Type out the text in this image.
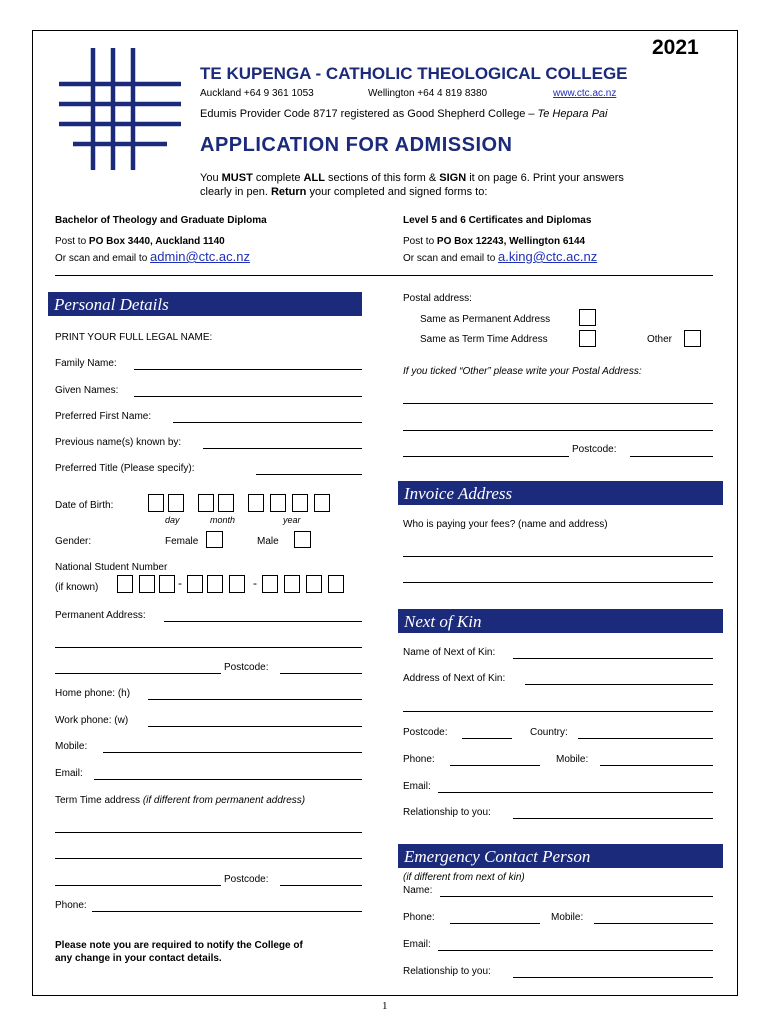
2021
TE KUPENGA - CATHOLIC THEOLOGICAL COLLEGE
Auckland +64 9 361 1053	Wellington +64 4 819 8380	www.ctc.ac.nz
Edumis Provider Code 8717 registered as Good Shepherd College – Te Hepara Pai
APPLICATION FOR ADMISSION
You MUST complete ALL sections of this form & SIGN it on page 6. Print your answers
clearly in pen. Return your completed and signed forms to:
Bachelor of Theology and Graduate Diploma
Post to PO Box 3440, Auckland 1140
Or scan and email to admin@ctc.ac.nz
Level 5 and 6 Certificates and Diplomas
Post to PO Box 12243, Wellington 6144
Or scan and email to a.king@ctc.ac.nz
Personal Details
PRINT YOUR FULL LEGAL NAME:
Family Name:
Given Names:
Preferred First Name:
Previous name(s) known by:
Preferred Title (Please specify):
Date of Birth:
day	month	year
Gender:	Female	Male
National Student Number
(if known)	-	-
Permanent Address:
Postcode:
Home phone: (h)
Work phone: (w)
Mobile:
Email:
Term Time address (if different from permanent address)
Postcode:
Phone:
Please note you are required to notify the College of
any change in your contact details.
Postal address:
Same as Permanent Address
Same as Term Time Address	Other
If you ticked “Other” please write your Postal Address:
Postcode:
Invoice Address
Who is paying your fees? (name and address)
Next of Kin
Name of Next of Kin:
Address of Next of Kin:
Postcode:	Country:
Phone:	Mobile:
Email:
Relationship to you:
Emergency Contact Person
(if different from next of kin)
Name:
Phone:	Mobile:
Email:
Relationship to you:
1
